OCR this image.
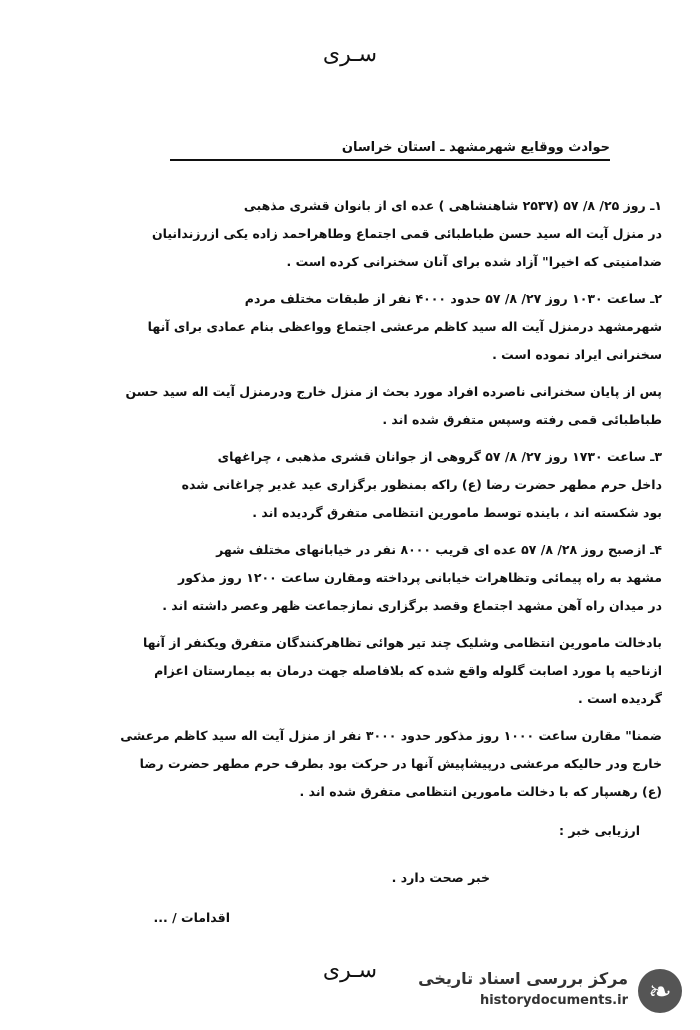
سـری
حوادث ووقایع شهرمشهد ـ استان خراسان
۱ـ روز ۲۵/ ۸/ ۵۷ (۲۵۳۷ شاهنشاهی ) عده ای از بانوان قشری مذهبی
در منزل آیت اله سید حسن طباطبائی قمی اجتماع وطاهراحمد زاده یکی ازرزندانیان
ضدامنیتی که اخیرا" آزاد شده برای آنان سخنرانی کرده است .
۲ـ ساعت ۱۰۳۰ روز ۲۷/ ۸/ ۵۷ حدود ۴۰۰۰ نفر از طبقات مختلف مردم
شهرمشهد درمنزل آیت اله سید کاظم مرعشی اجتماع وواعظی بنام عمادی برای آنها
سخنرانی ایراد نموده است .
پس از پایان سخنرانی ناصرده افراد مورد بحث از منزل خارج ودرمنزل آیت اله سید حسن
طباطبائی قمی رفته وسپس متفرق شده اند .
۳ـ ساعت ۱۷۳۰ روز ۲۷/ ۸/ ۵۷ گروهی از جوانان قشری مذهبی ، چراغهای
داخل حرم مطهر حضرت رضا (ع) راکه بمنظور برگزاری عید غدیر چراغانی شده
بود شکسته اند ، باینده توسط مامورین انتظامی متفرق گردیده اند .
۴ـ ازصبح روز ۲۸/ ۸/ ۵۷ عده ای قریب ۸۰۰۰ نفر در خیابانهای مختلف شهر
مشهد به راه پیمائی وتظاهرات خیابانی پرداخته ومقارن ساعت ۱۲۰۰ روز مذکور
در میدان راه آهن مشهد اجتماع وقصد برگزاری نمازجماعت ظهر وعصر داشته اند .
بادخالت مامورین انتظامی وشلیک چند تیر هوائی تظاهرکنندگان متفرق ویکنفر از آنها
ازناحیه پا مورد اصابت گلوله واقع شده که بلافاصله جهت درمان به بیمارستان اعزام
گردیده است .
ضمنا" مقارن ساعت ۱۰۰۰ روز مذکور حدود ۳۰۰۰ نفر از منزل آیت اله سید کاظم مرعشی
خارج ودر حالیکه مرعشی درپیشاپیش آنها در حرکت بود بطرف حرم مطهر حضرت رضا
(ع) رهسپار که با دخالت مامورین انتظامی متفرق شده اند .
ارزیابی خبر :
خبر صحت دارد .
اقدامات / ...
سـری
❧
مرکز بررسی اسناد تاریخی
historydocuments.ir
